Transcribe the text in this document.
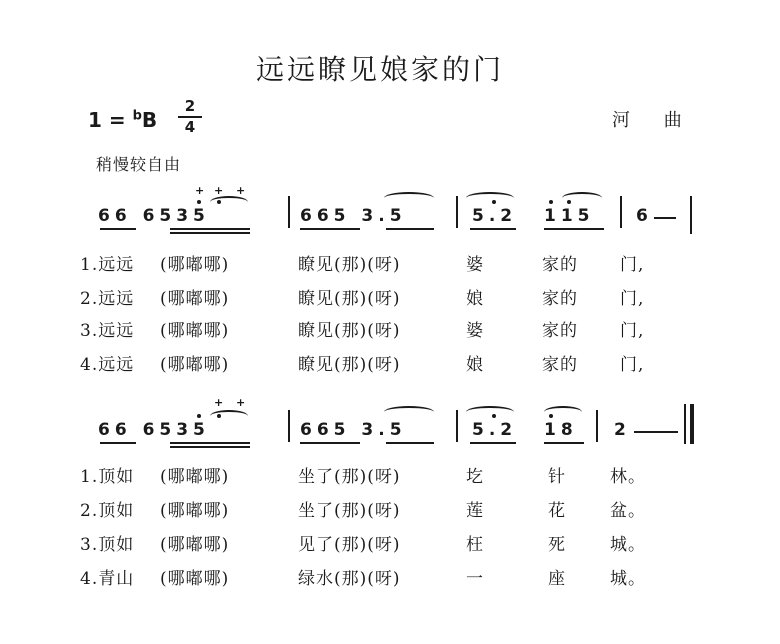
远远瞭见娘家的门
1 = $^b$B
2
4	河 曲
稍慢较自由
66 6535	665 3.5	5.2 115 6
+ + +
1.远远 (哪嘟哪)	瞭见(那)(呀)	婆	家的 门,
2.远远 (哪嘟哪)	瞭见(那)(呀)	娘	家的 门,
3.远远 (哪嘟哪)	瞭见(那)(呀)	婆	家的 门,
4.远远 (哪嘟哪)	瞭见(那)(呀)	娘	家的 门,
66 6535	665 3.5	5.2 18 2
+ +
1.顶如 (哪嘟哪)	坐了(那)(呀)	圪	针	林。
2.顶如 (哪嘟哪)	坐了(那)(呀)	莲	花	盆。
3.顶如 (哪嘟哪)	见了(那)(呀)	枉	死	城。
4.青山 (哪嘟哪)	绿水(那)(呀)	一	座	城。
